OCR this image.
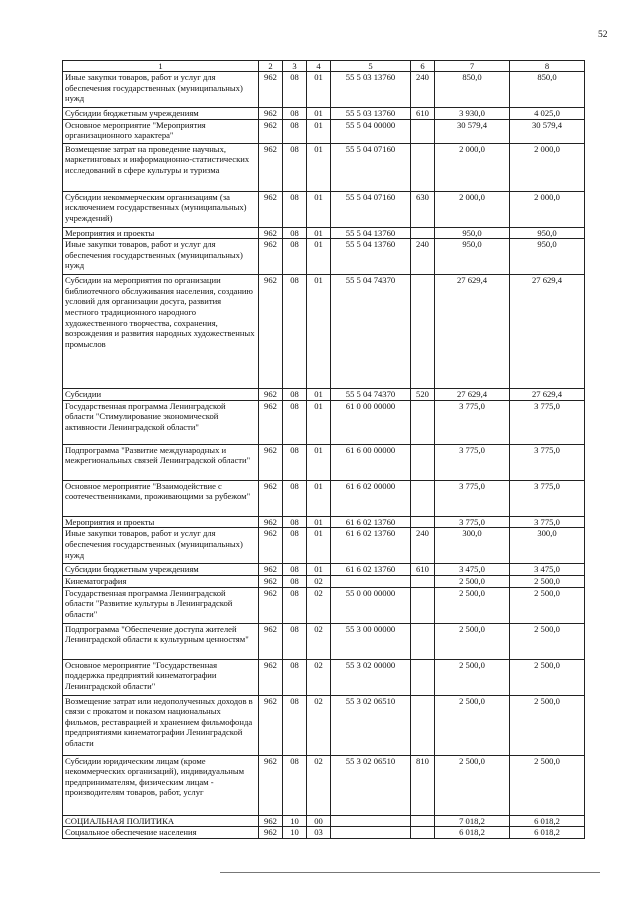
52
1	2	3	4	5	6	7	8
Иные закупки товаров, работ и услуг для обеспечения государственных (муниципальных) нужд	962	08	01	55 5 03 13760	240	850,0	850,0
Субсидии бюджетным учреждениям	962	08	01	55 5 03 13760	610	3 930,0	4 025,0
Основное мероприятие "Мероприятия организационного характера"	962	08	01	55 5 04 00000		30 579,4	30 579,4
Возмещение затрат на проведение научных, маркетинговых и информационно-статистических исследований в сфере культуры и туризма	962	08	01	55 5 04 07160		2 000,0	2 000,0
Субсидии некоммерческим организациям (за исключением государственных (муниципальных) учреждений)	962	08	01	55 5 04 07160	630	2 000,0	2 000,0
Мероприятия и проекты	962	08	01	55 5 04 13760		950,0	950,0
Иные закупки товаров, работ и услуг для обеспечения государственных (муниципальных) нужд	962	08	01	55 5 04 13760	240	950,0	950,0
Субсидии на мероприятия по организации библиотечного обслуживания населения, созданию условий для организации досуга, развития местного традиционного народного художественного творчества, сохранения, возрождения и развития народных художественных промыслов	962	08	01	55 5 04 74370		27 629,4	27 629,4
Субсидии	962	08	01	55 5 04 74370	520	27 629,4	27 629,4
Государственная программа Ленинградской области "Стимулирование экономической активности Ленинградской области"	962	08	01	61 0 00 00000		3 775,0	3 775,0
Подпрограмма "Развитие международных и межрегиональных связей Ленинградской области"	962	08	01	61 6 00 00000		3 775,0	3 775,0
Основное мероприятие "Взаимодействие с соотечественниками, проживающими за рубежом"	962	08	01	61 6 02 00000		3 775,0	3 775,0
Мероприятия и проекты	962	08	01	61 6 02 13760		3 775,0	3 775,0
Иные закупки товаров, работ и услуг для обеспечения государственных (муниципальных) нужд	962	08	01	61 6 02 13760	240	300,0	300,0
Субсидии бюджетным учреждениям	962	08	01	61 6 02 13760	610	3 475,0	3 475,0
Кинематография	962	08	02			2 500,0	2 500,0
Государственная программа Ленинградской области "Развитие культуры в Ленинградской области"	962	08	02	55 0 00 00000		2 500,0	2 500,0
Подпрограмма "Обеспечение доступа жителей Ленинградской области к культурным ценностям"	962	08	02	55 3 00 00000		2 500,0	2 500,0
Основное мероприятие "Государственная поддержка предприятий кинематографии Ленинградской области"	962	08	02	55 3 02 00000		2 500,0	2 500,0
Возмещение затрат или недополученных доходов в связи с прокатом и показом национальных фильмов, реставрацией и хранением фильмофонда предприятиями кинематографии Ленинградской области	962	08	02	55 3 02 06510		2 500,0	2 500,0
Субсидии юридическим лицам (кроме некоммерческих организаций), индивидуальным предпринимателям, физическим лицам - производителям товаров, работ, услуг	962	08	02	55 3 02 06510	810	2 500,0	2 500,0
СОЦИАЛЬНАЯ ПОЛИТИКА	962	10	00			7 018,2	6 018,2
Социальное обеспечение населения	962	10	03			6 018,2	6 018,2
